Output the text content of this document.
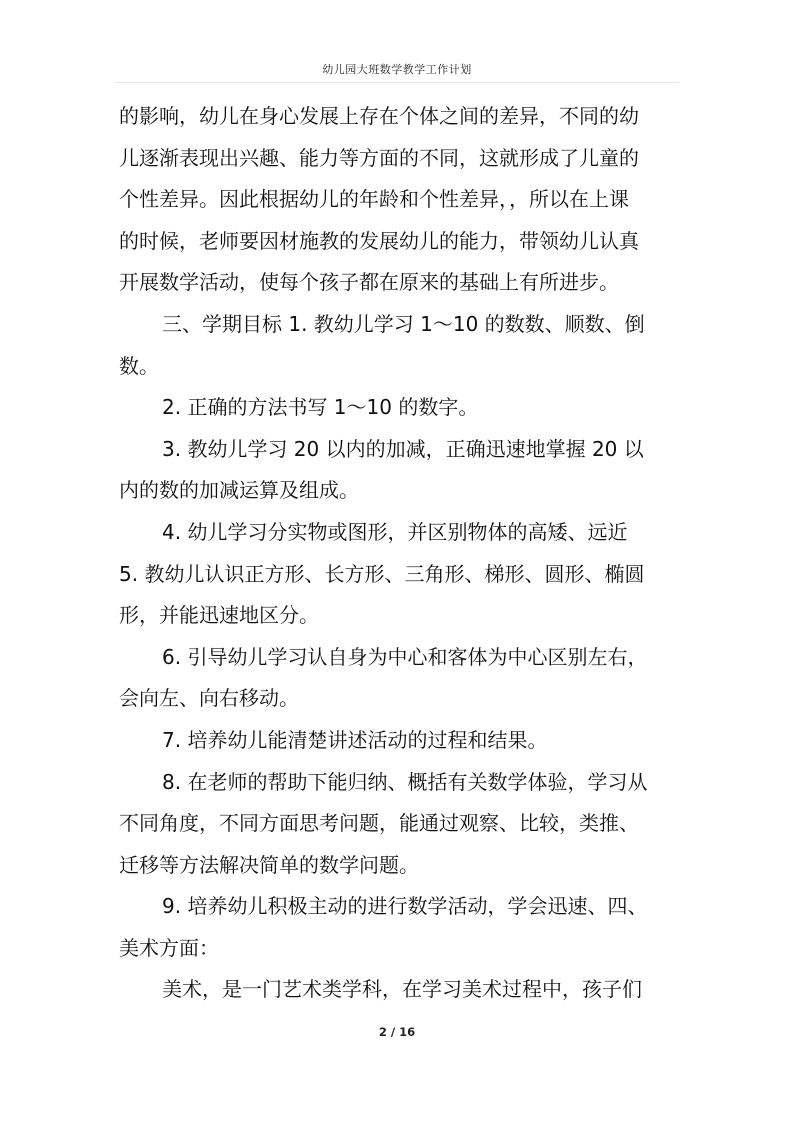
幼儿园大班数学教学工作计划
的影响，幼儿在身心发展上存在个体之间的差异，不同的幼
儿逐渐表现出兴趣、能力等方面的不同，这就形成了儿童的
个性差异。因此根据幼儿的年龄和个性差异，，所以在上课
的时候，老师要因材施教的发展幼儿的能力，带领幼儿认真
开展数学活动，使每个孩子都在原来的基础上有所进步。
三、学期目标 1. 教幼儿学习 1～10 的数数、顺数、倒
数。
2. 正确的方法书写 1～10 的数字。
3. 教幼儿学习 20 以内的加减，正确迅速地掌握 20 以
内的数的加减运算及组成。
4. 幼儿学习分实物或图形，并区别物体的高矮、远近
5. 教幼儿认识正方形、长方形、三角形、梯形、圆形、椭圆
形，并能迅速地区分。
6. 引导幼儿学习认自身为中心和客体为中心区别左右，
会向左、向右移动。
7. 培养幼儿能清楚讲述活动的过程和结果。
8. 在老师的帮助下能归纳、概括有关数学体验，学习从
不同角度，不同方面思考问题，能通过观察、比较，类推、
迁移等方法解决简单的数学问题。
9. 培养幼儿积极主动的进行数学活动，学会迅速、四、
美术方面：
美术，是一门艺术类学科，在学习美术过程中，孩子们
2 / 16
